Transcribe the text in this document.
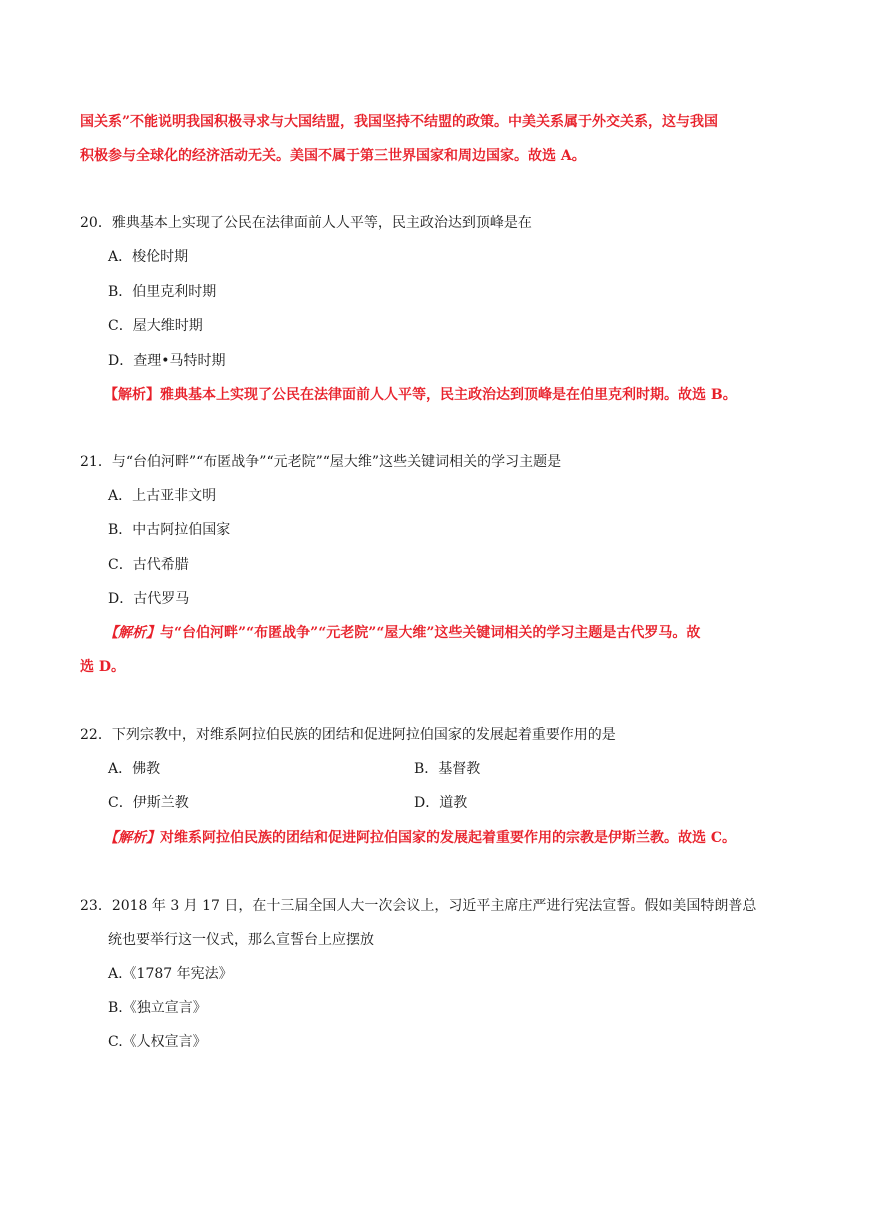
国关系”不能说明我国积极寻求与大国结盟，我国坚持不结盟的政策。中美关系属于外交关系，这与我国
积极参与全球化的经济活动无关。美国不属于第三世界国家和周边国家。故选 A。
20．雅典基本上实现了公民在法律面前人人平等，民主政治达到顶峰是在
A．梭伦时期
B．伯里克利时期
C．屋大维时期
D．查理•马特时期
【解析】雅典基本上实现了公民在法律面前人人平等，民主政治达到顶峰是在伯里克利时期。故选 B。
21．与“台伯河畔”“布匿战争”“元老院”“屋大维”这些关键词相关的学习主题是
A．上古亚非文明
B．中古阿拉伯国家
C．古代希腊
D．古代罗马
【解析】与“台伯河畔”“布匿战争”“元老院”“屋大维”这些关键词相关的学习主题是古代罗马。故
选 D。
22．下列宗教中，对维系阿拉伯民族的团结和促进阿拉伯国家的发展起着重要作用的是
A．佛教	B．基督教
C．伊斯兰教	D．道教
【解析】对维系阿拉伯民族的团结和促进阿拉伯国家的发展起着重要作用的宗教是伊斯兰教。故选 C。
23．2018 年 3 月 17 日，在十三届全国人大一次会议上，习近平主席庄严进行宪法宣誓。假如美国特朗普总
统也要举行这一仪式，那么宣誓台上应摆放
A.《1787 年宪法》
B.《独立宣言》
C.《人权宣言》
